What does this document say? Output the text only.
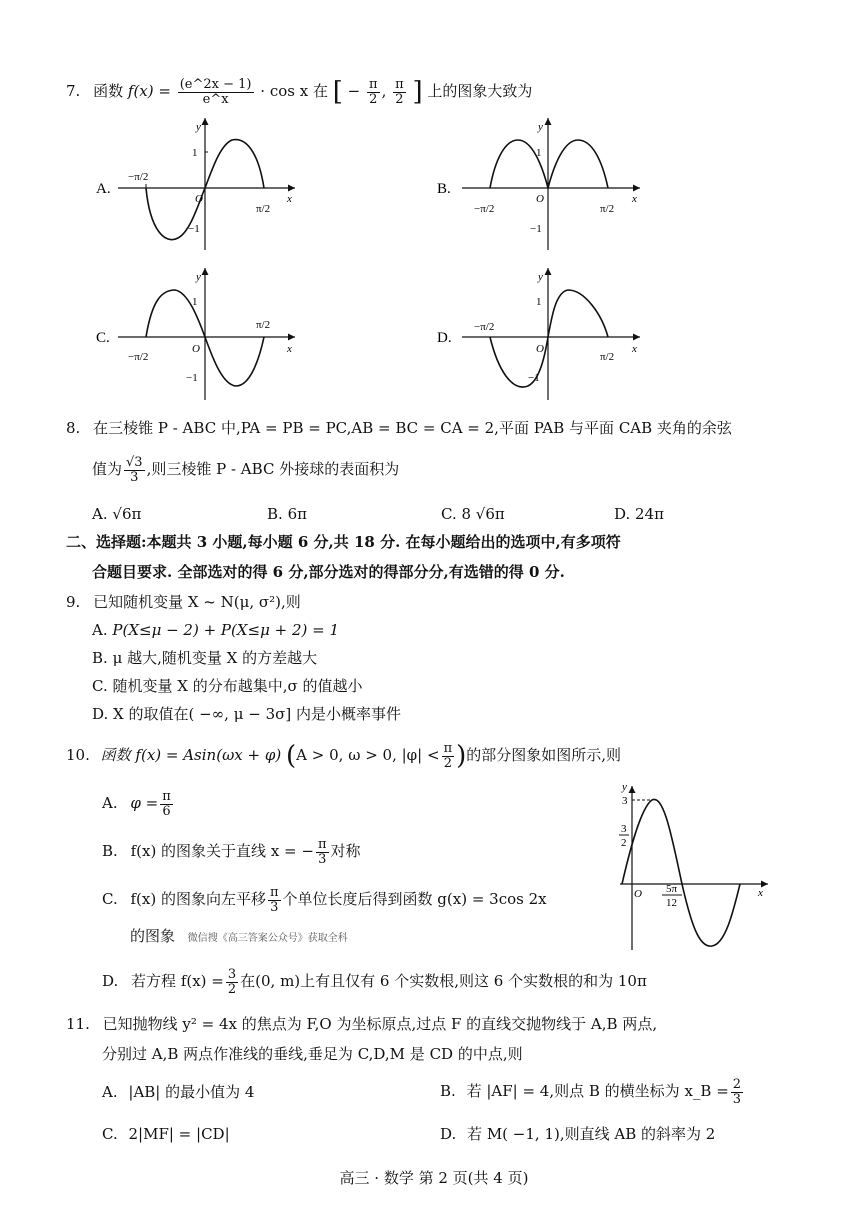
7. 函数 $f(x) = \frac{(e\^{}2x - 1)}{e\^{}x} \cdot \cos x$ 在 [ − $\frac{\pi}{2}$ , $\frac{\pi}{2}$ ] 上的图象大致为
A.
y
1
−1
O	x
−π/2
π/2
B.
y
1
−1
O	x
−π/2	π/2
C.
y
1
−1
O	x
−π/2
π/2
D.
y
1
−1
O	x
−π/2
π/2
8. 在三棱锥 P - ABC 中,PA = PB = PC,AB = BC = CA = 2,平面 PAB 与平面 CAB 夹角的余弦
值为 $\frac{√3}{3}$ ,则三棱锥 P - ABC 外接球的表面积为
A. √6π	B. 6π	C. 8 √6π	D. 24π
二、选择题:本题共 3 小题,每小题 6 分,共 18 分. 在每小题给出的选项中,有多项符
合题目要求. 全部选对的得 6 分,部分选对的得部分分,有选错的得 0 分.
9. 已知随机变量 X ~ N(μ, σ²),则
A. P(X≤μ − 2) + P(X≤μ + 2) = 1
B. μ 越大,随机变量 X 的方差越大
C. 随机变量 X 的分布越集中,σ 的值越小
D. X 的取值在( −∞, μ − 3σ] 内是小概率事件
10. 函数 f(x) = Asin(ωx + φ) (A > 0, ω > 0, $|\varphi| < \frac{\pi}{2}$ )的部分图象如图所示,则
A. $\varphi = \frac{\pi}{6}$
B. f(x) 的图象关于直线 x = − $\frac{\pi}{3}$ 对称
C. f(x) 的图象向左平移 $\frac{\pi}{3}$ 个单位长度后得到函数 g(x) = 3cos 2x
的图象 微信搜《高三答案公众号》获取全科
D. 若方程 $f(x) = \frac{3}{2}$ 在(0, m)上有且仅有 6 个实数根,则这 6 个实数根的和为 10π
y
3
3
2
O 5π
12
x
11. 已知抛物线 y² = 4x 的焦点为 F,O 为坐标原点,过点 F 的直线交抛物线于 A,B 两点,
分别过 A,B 两点作准线的垂线,垂足为 C,D,M 是 CD 的中点,则
A. |AB| 的最小值为 4	B. 若 |AF| = 4,则点 B 的横坐标为 x_B = $\frac{2}{3}$
C. 2|MF| = |CD|	D. 若 M( −1, 1),则直线 AB 的斜率为 2
高三 · 数学 第 2 页(共 4 页)
